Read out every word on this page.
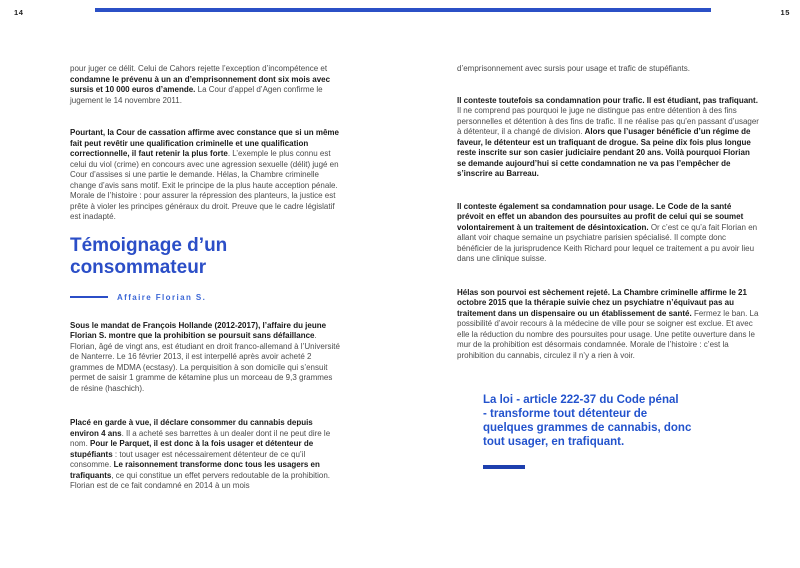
14	15

pour juger ce délit. Celui de Cahors rejette l’exception d’incompétence et condamne le prévenu à un an d’emprisonnement dont six mois avec sursis et 10 000 euros d’amende. La Cour d’appel d’Agen confirme le jugement le 14 novembre 2011.

Pourtant, la Cour de cassation affirme avec constance que si un même fait peut revêtir une qualification criminelle et une qualification correctionnelle, il faut retenir la plus forte. L’exemple le plus connu est celui du viol (crime) en concours avec une agression sexuelle (délit) jugé en Cour d’assises si une partie le demande. Hélas, la Chambre criminelle change d’avis sans motif. Exit le principe de la plus haute acception pénale. Morale de l’histoire : pour assurer la répression des planteurs, la justice est prête à violer les principes généraux du droit. Preuve que le cadre législatif est inadapté.

Témoignage d’un
consommateur
Affaire Florian S.

Sous le mandat de François Hollande (2012-2017), l’affaire du jeune Florian S. montre que la prohibition se poursuit sans défaillance. Florian, âgé de vingt ans, est étudiant en droit franco-allemand à l’Université de Nanterre. Le 16 février 2013, il est interpellé après avoir acheté 2 grammes de MDMA (ecstasy). La perquisition à son domicile qui s’ensuit permet de saisir 1 gramme de kétamine plus un morceau de 9,3 grammes de résine (haschich).

Placé en garde à vue, il déclare consommer du cannabis depuis environ 4 ans. Il a acheté ses barrettes à un dealer dont il ne peut dire le nom. Pour le Parquet, il est donc à la fois usager et détenteur de stupéfiants : tout usager est nécessairement détenteur de ce qu’il consomme. Le raisonnement transforme donc tous les usagers en trafiquants, ce qui constitue un effet pervers redoutable de la prohibition. Florian est de ce fait condamné en 2014 à un mois

d’emprisonnement avec sursis pour usage et trafic de stupéfiants.

Il conteste toutefois sa condamnation pour trafic. Il est étudiant, pas trafiquant. Il ne comprend pas pourquoi le juge ne distingue pas entre détention à des fins personnelles et détention à des fins de trafic. Il ne réalise pas qu’en passant d’usager à détenteur, il a changé de division. Alors que l’usager bénéficie d’un régime de faveur, le détenteur est un trafiquant de drogue. Sa peine dix fois plus longue reste inscrite sur son casier judiciaire pendant 20 ans. Voilà pourquoi Florian se demande aujourd’hui si cette condamnation ne va pas l’empêcher de s’inscrire au Barreau.

Il conteste également sa condamnation pour usage. Le Code de la santé prévoit en effet un abandon des poursuites au profit de celui qui se soumet volontairement à un traitement de désintoxication. Or c’est ce qu’a fait Florian en allant voir chaque semaine un psychiatre parisien spécialisé. Il compte donc bénéficier de la jurisprudence Keith Richard pour lequel ce traitement a pu avoir lieu dans une clinique suisse.

Hélas son pourvoi est sèchement rejeté. La Chambre criminelle affirme le 21 octobre 2015 que la thérapie suivie chez un psychiatre n’équivaut pas au traitement dans un dispensaire ou un établissement de santé. Fermez le ban. La possibilité d’avoir recours à la médecine de ville pour se soigner est exclue. Et avec elle la réduction du nombre des poursuites pour usage. Une petite ouverture dans le mur de la prohibition est désormais condamnée. Morale de l’histoire : c’est la prohibition du cannabis, circulez il n’y a rien à voir.

La loi - article 222-37 du Code pénal
- transforme tout détenteur de
quelques grammes de cannabis, donc
tout usager, en trafiquant.
